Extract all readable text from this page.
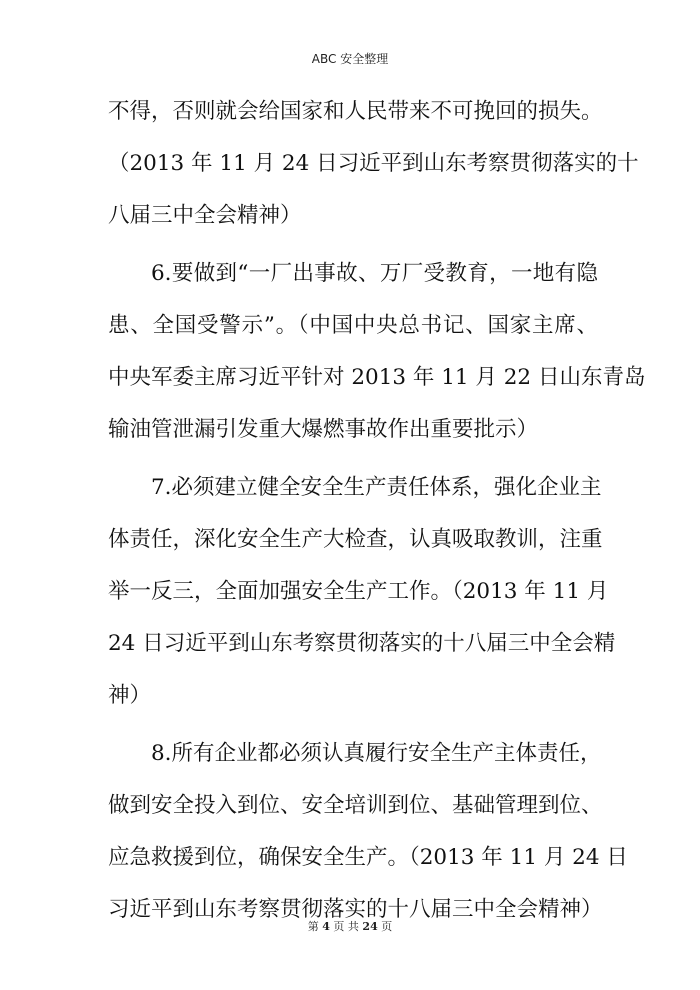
ABC 安全整理
不得，否则就会给国家和人民带来不可挽回的损失。
（2013 年 11 月 24 日习近平到山东考察贯彻落实的十
八届三中全会精神）
6.要做到“一厂出事故、万厂受教育，一地有隐
患、全国受警示”。（中国中央总书记、国家主席、
中央军委主席习近平针对 2013 年 11 月 22 日山东青岛
输油管泄漏引发重大爆燃事故作出重要批示）
7.必须建立健全安全生产责任体系，强化企业主
体责任，深化安全生产大检查，认真吸取教训，注重
举一反三，全面加强安全生产工作。（2013 年 11 月
24 日习近平到山东考察贯彻落实的十八届三中全会精
神）
8.所有企业都必须认真履行安全生产主体责任，
做到安全投入到位、安全培训到位、基础管理到位、
应急救援到位，确保安全生产。（2013 年 11 月 24 日
习近平到山东考察贯彻落实的十八届三中全会精神）
第 4 页 共 24 页
